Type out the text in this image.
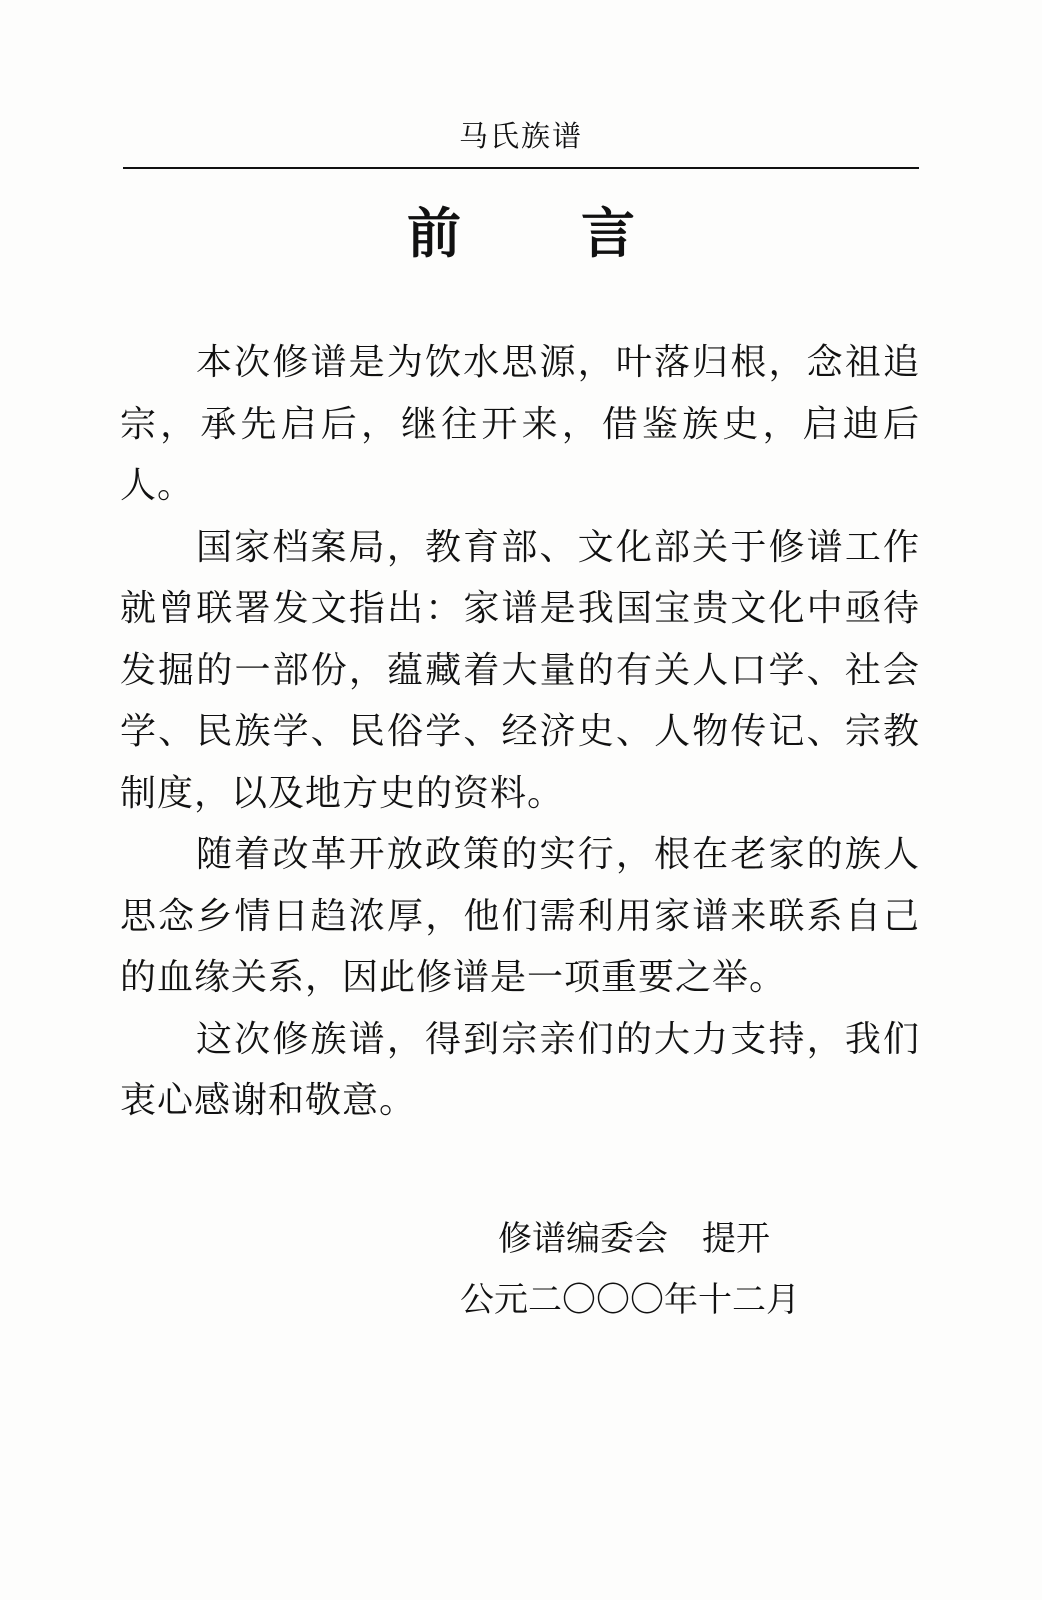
马氏族谱
前 言

本次修谱是为饮水思源，叶落归根，念祖追宗，承先启后，继往开来，借鉴族史，启迪后人。

国家档案局，教育部、文化部关于修谱工作就曾联署发文指出：家谱是我国宝贵文化中亟待发掘的一部份，蕴藏着大量的有关人口学、社会学、民族学、民俗学、经济史、人物传记、宗教制度，以及地方史的资料。

随着改革开放政策的实行，根在老家的族人思念乡情日趋浓厚，他们需利用家谱来联系自己的血缘关系，因此修谱是一项重要之举。

这次修族谱，得到宗亲们的大力支持，我们衷心感谢和敬意。

修谱编委会　提开
公元二〇〇〇年十二月
